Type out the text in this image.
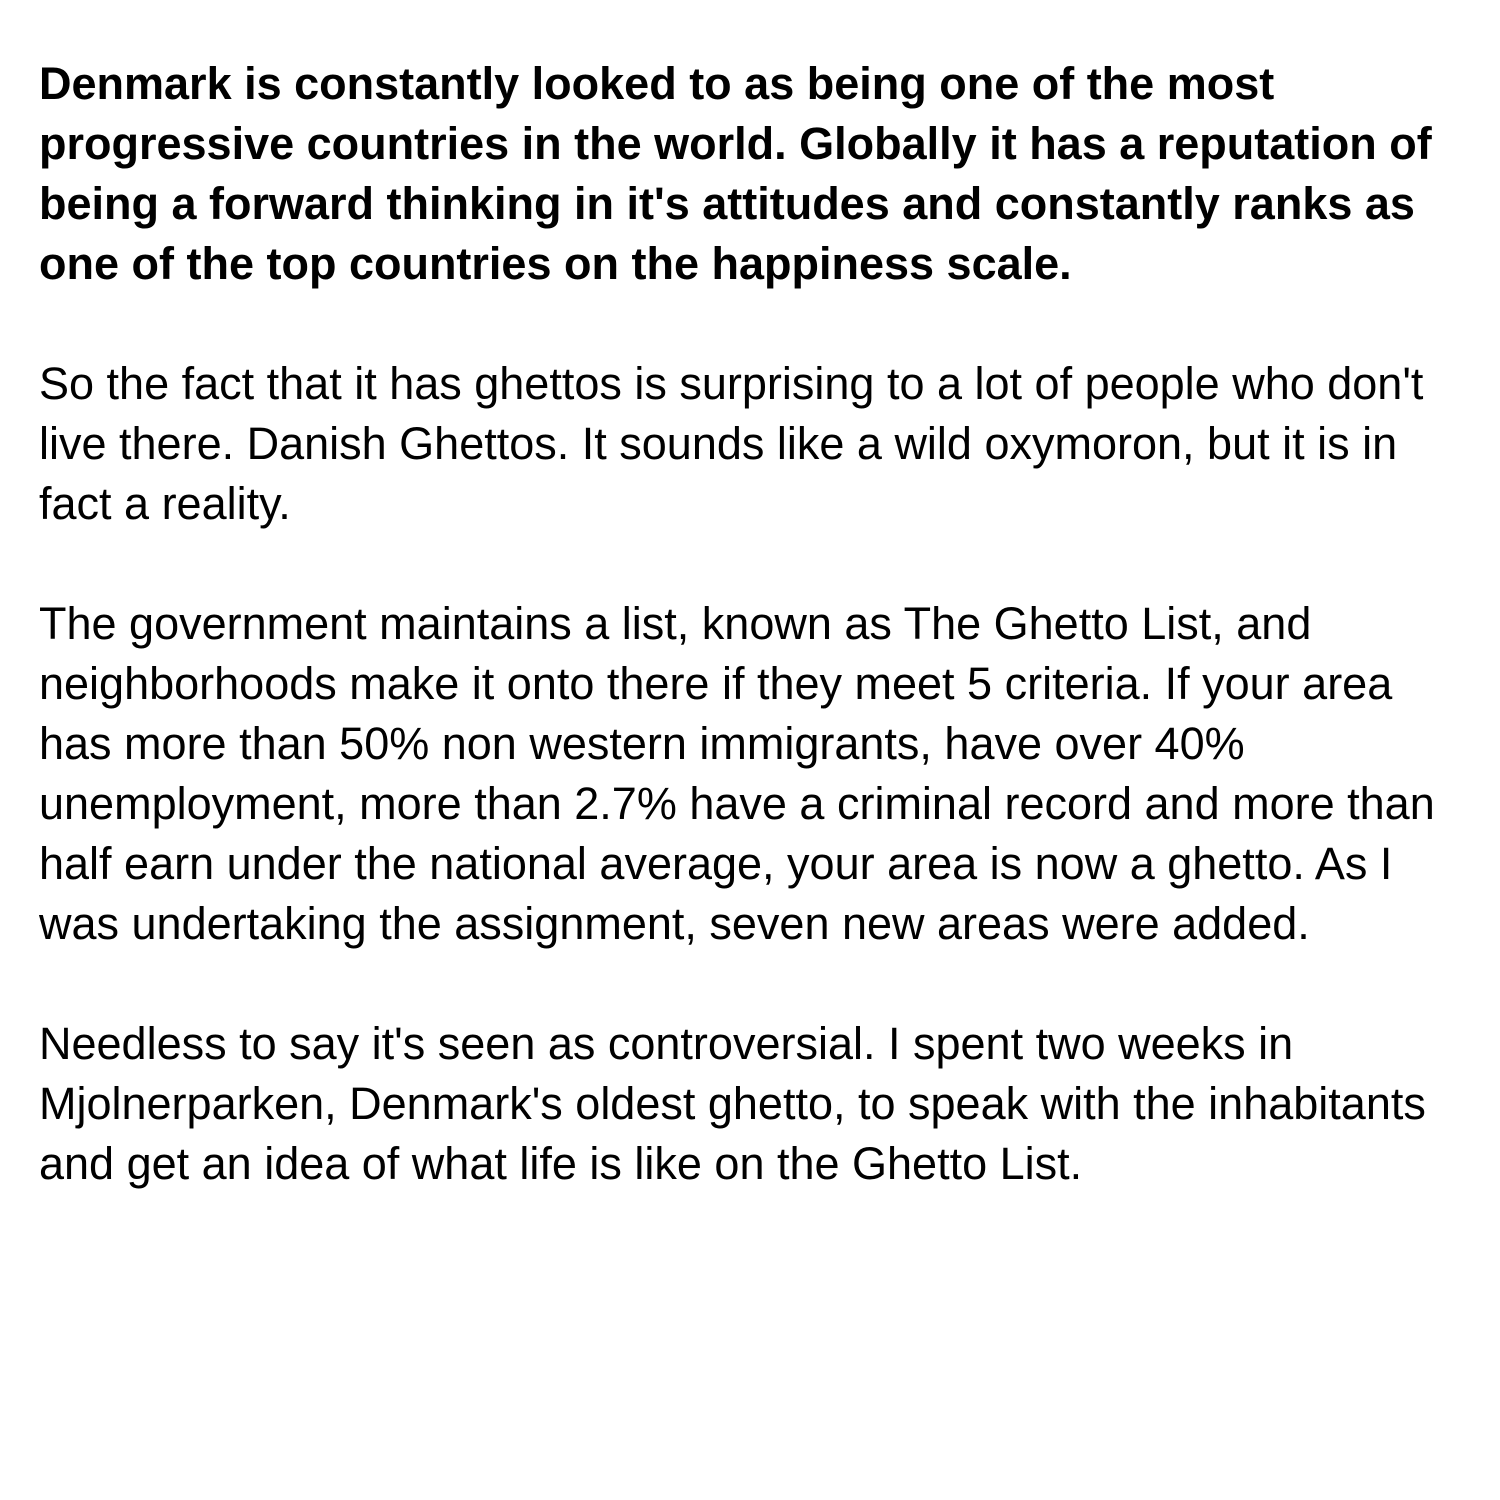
Denmark is constantly looked to as being one of the most progressive countries in the world. Globally it has a reputation of being a forward thinking in it's attitudes and constantly ranks as one of the top countries on the happiness scale.

So the fact that it has ghettos is surprising to a lot of people who don't live there. Danish Ghettos. It sounds like a wild oxymoron, but it is in fact a reality.

The government maintains a list, known as The Ghetto List, and neighborhoods make it onto there if they meet 5 criteria. If your area has more than 50% non western immigrants, have over 40% unemployment, more than 2.7% have a criminal record and more than half earn under the national average, your area is now a ghetto. As I was undertaking the assignment, seven new areas were added.

Needless to say it's seen as controversial. I spent two weeks in Mjolnerparken, Denmark's oldest ghetto, to speak with the inhabitants and get an idea of what life is like on the Ghetto List.
